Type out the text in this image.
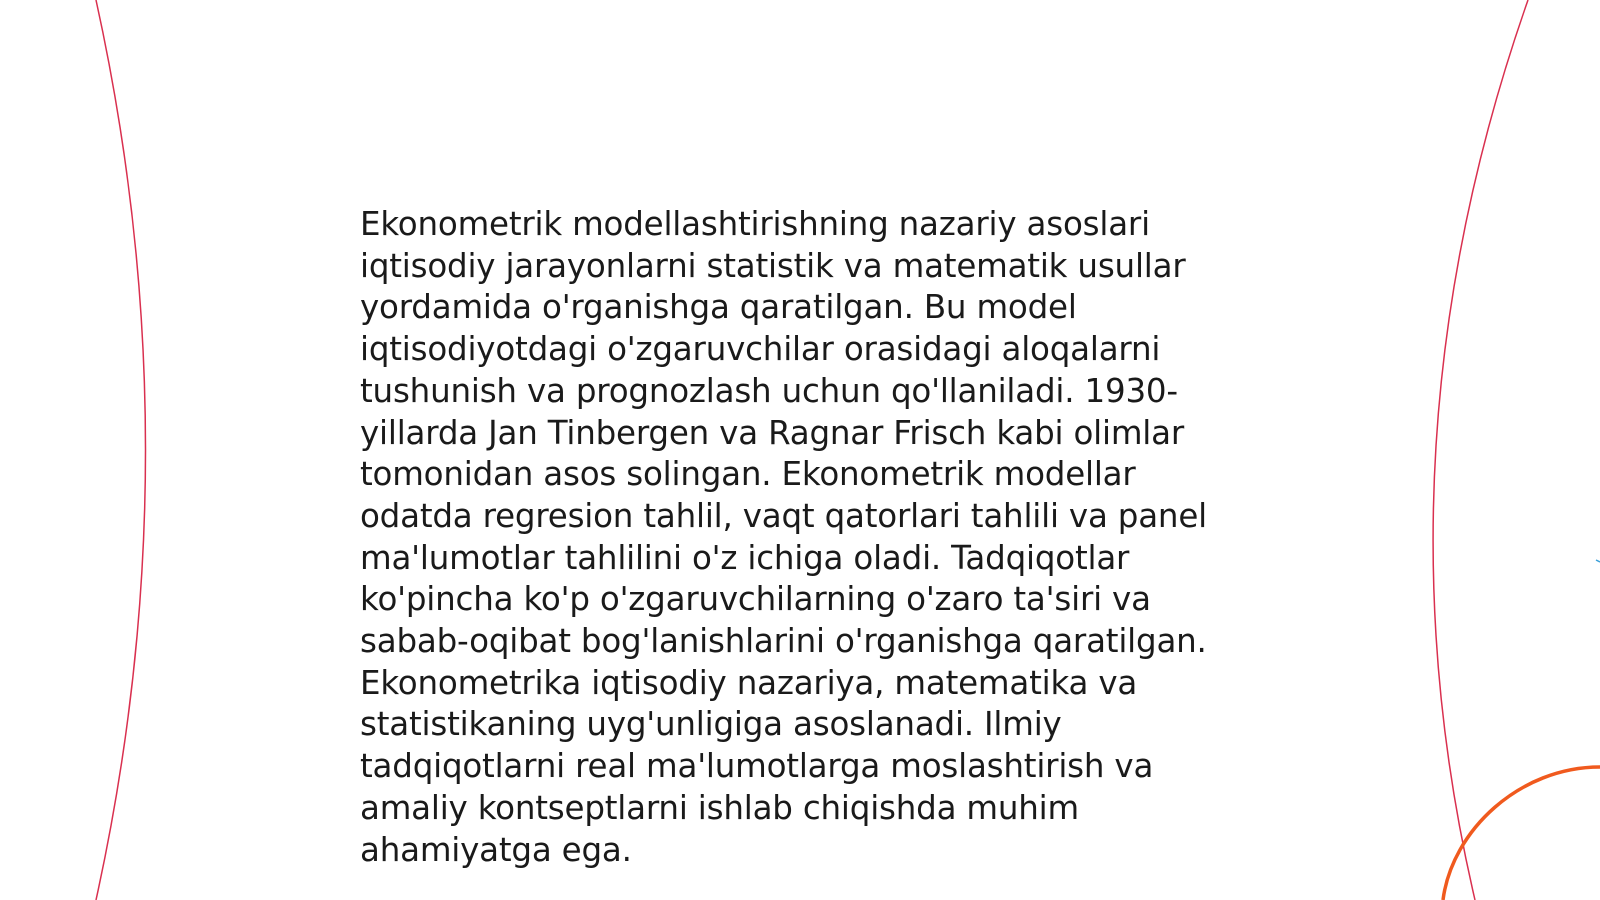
Ekonometrik modellashtirishning nazariy asoslari iqtisodiy jarayonlarni statistik va matematik usullar yordamida o'rganishga qaratilgan. Bu model iqtisodiyotdagi o'zgaruvchilar orasidagi aloqalarni tushunish va prognozlash uchun qo'llaniladi. 1930-yillarda Jan Tinbergen va Ragnar Frisch kabi olimlar tomonidan asos solingan. Ekonometrik modellar odatda regresion tahlil, vaqt qatorlari tahlili va panel ma'lumotlar tahlilini o'z ichiga oladi. Tadqiqotlar ko'pincha ko'p o'zgaruvchilarning o'zaro ta'siri va sabab-oqibat bog'lanishlarini o'rganishga qaratilgan. Ekonometrika iqtisodiy nazariya, matematika va statistikaning uyg'unligiga asoslanadi. Ilmiy tadqiqotlarni real ma'lumotlarga moslashtirish va amaliy kontseptlarni ishlab chiqishda muhim ahamiyatga ega.
